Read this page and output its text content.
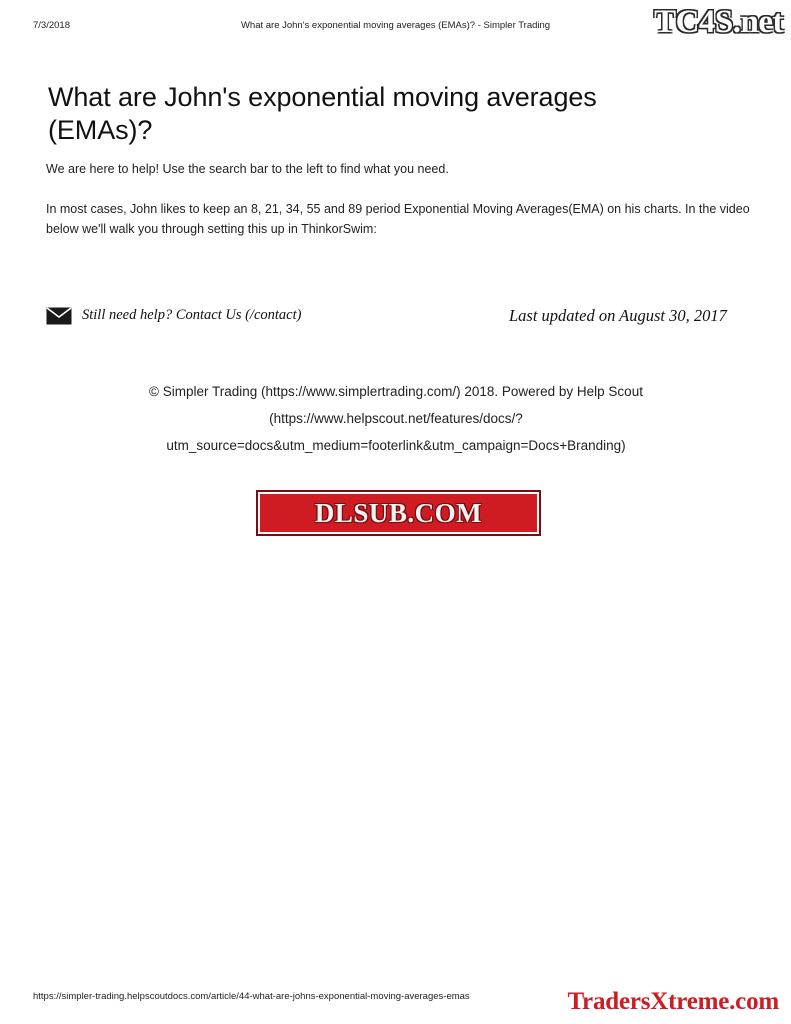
7/3/2018	What are John's exponential moving averages (EMAs)? - Simpler Trading
What are John's exponential moving averages (EMAs)?

We are here to help! Use the search bar to the left to find what you need.

In most cases, John likes to keep an 8, 21, 34, 55 and 89 period Exponential Moving Averages(EMA) on his charts. In the video below we'll walk you through setting this up in ThinkorSwim:

Still need help? Contact Us (/contact)	Last updated on August 30, 2017
© Simpler Trading (https://www.simplertrading.com/) 2018. Powered by Help Scout (https://www.helpscout.net/features/docs/?utm_source=docs&utm_medium=footerlink&utm_campaign=Docs+Branding)
TC4S.net
DLSUB.COM
TradersXtreme.com
https://simpler-trading.helpscoutdocs.com/article/44-what-are-johns-exponential-moving-averages-emas
